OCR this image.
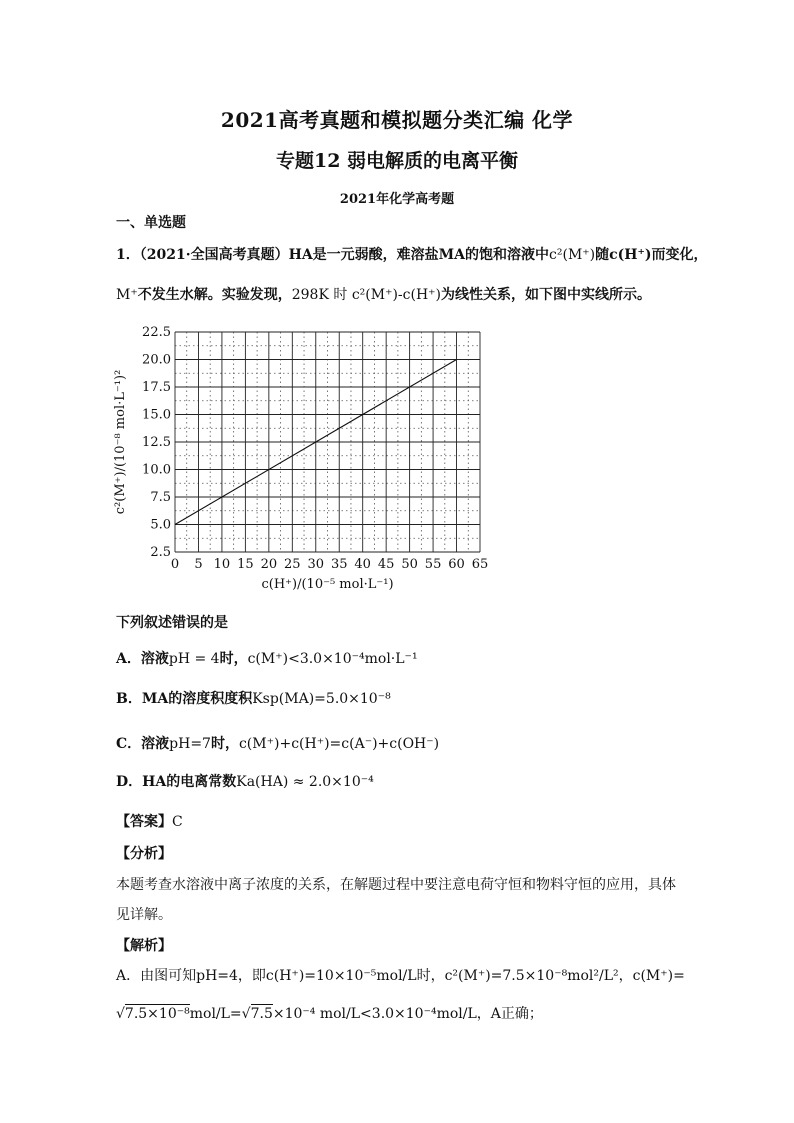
2021高考真题和模拟题分类汇编 化学
专题12 弱电解质的电离平衡
2021年化学高考题
一、单选题
1．（2021·全国高考真题）HA是一元弱酸，难溶盐MA的饱和溶液中c²(M⁺)随c(H⁺)而变化，
M⁺不发生水解。实验发现，298K 时 c²(M⁺)-c(H⁺)为线性关系，如下图中实线所示。
0 5 10 15 20 25 30 35 40 45 50 55 60 65
2.5
5.0
7.5
10.0
12.5
15.0
17.5
20.0
22.5
c(H⁺)/(10⁻⁵ mol·L⁻¹)
c²(M⁺)/(10⁻⁸ mol·L⁻¹)²
下列叙述错误的是
A．溶液pH = 4时，c(M⁺)<3.0×10⁻⁴mol·L⁻¹
B．MA的溶度积度积Ksp(MA)=5.0×10⁻⁸
C．溶液pH=7时，c(M⁺)+c(H⁺)=c(A⁻)+c(OH⁻)
D．HA的电离常数Ka(HA) ≈ 2.0×10⁻⁴
【答案】C
【分析】
本题考查水溶液中离子浓度的关系，在解题过程中要注意电荷守恒和物料守恒的应用，具体
见详解。
【解析】
A．由图可知pH=4，即c(H⁺)=10×10⁻⁵mol/L时，c²(M⁺)=7.5×10⁻⁸mol²/L²，c(M⁺)=
√7.5×10⁻⁸mol/L=√7.5×10⁻⁴ mol/L<3.0×10⁻⁴mol/L，A正确；
